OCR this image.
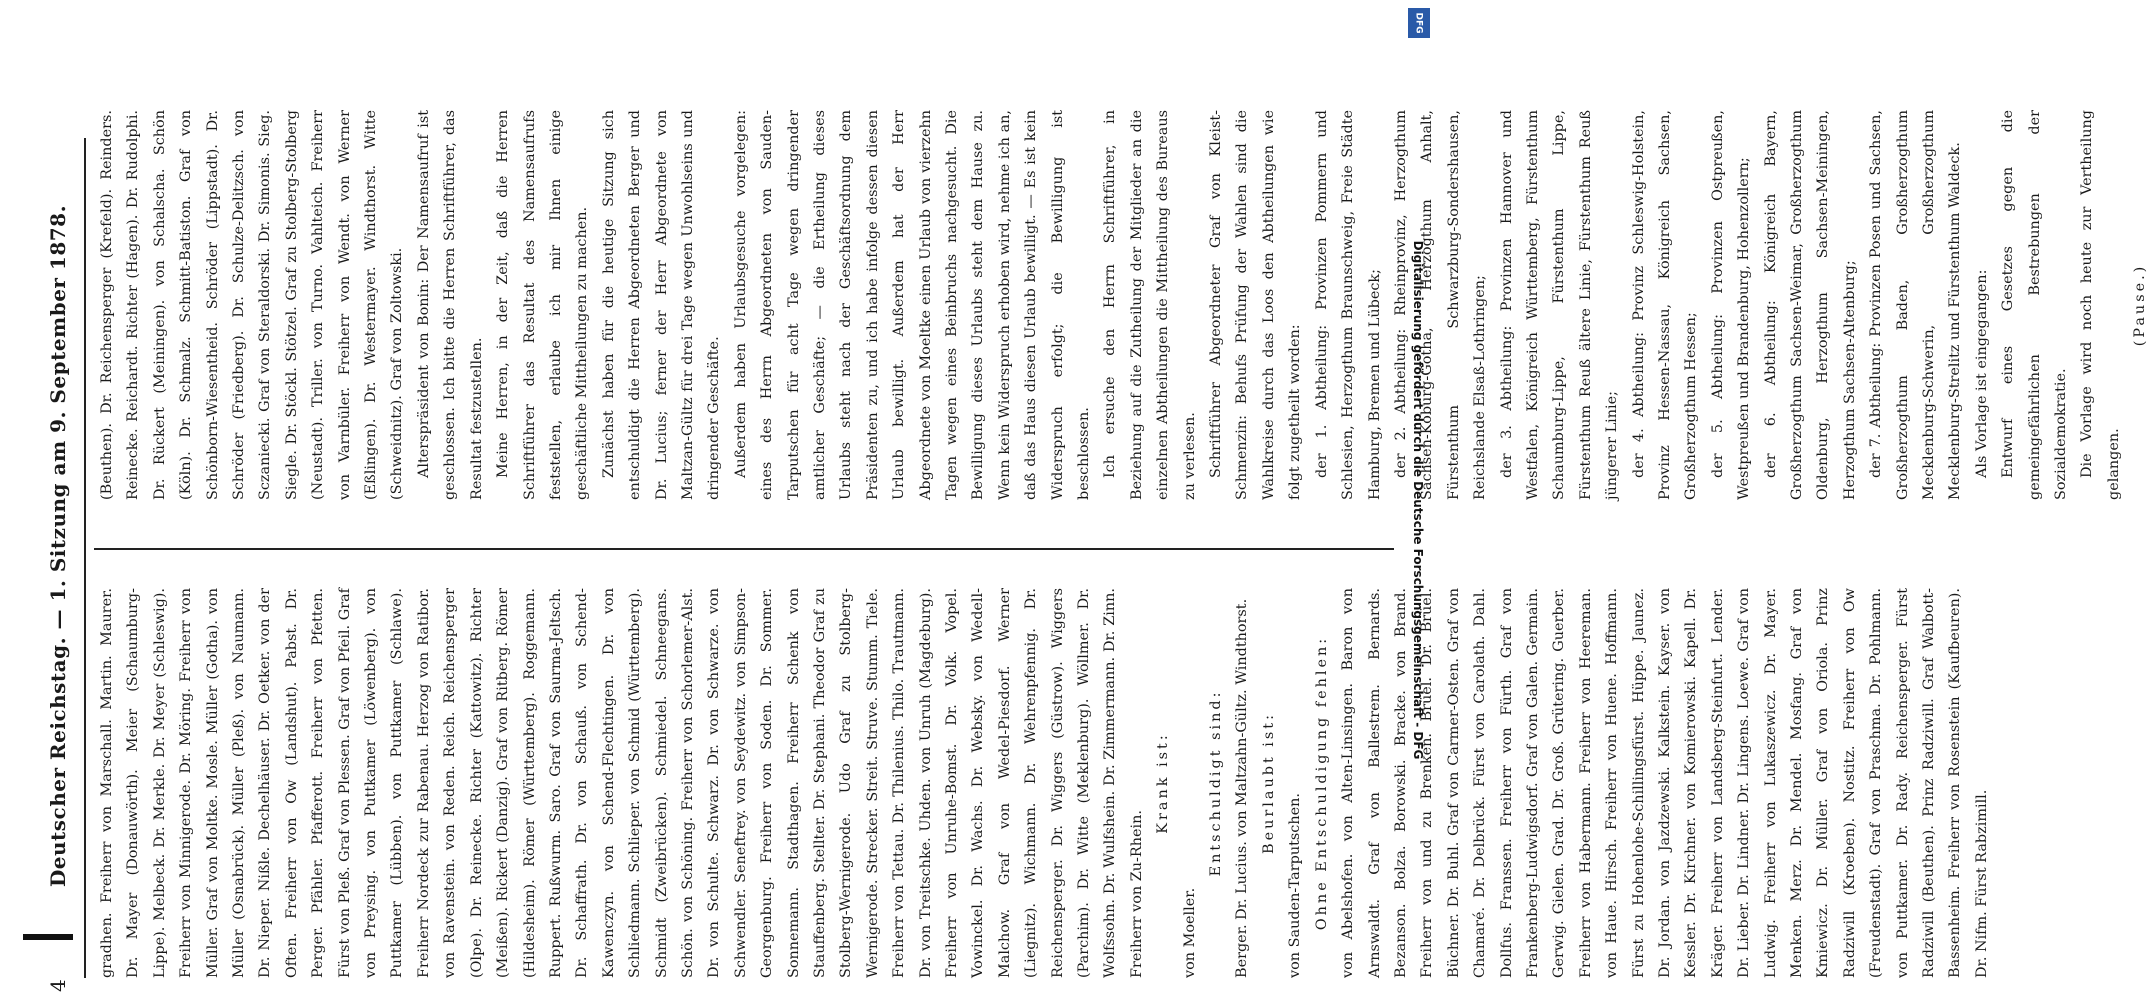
4
Deutscher Reichstag. — 1. Sitzung am 9. September 1878.	gradhen. Freiherr von Marschall. Martin. Maurer. Dr. Mayer (Donauwörth). Meier (Schaumburg-Lippe). Melbeck. Dr. Merkle. Dr. Meyer (Schleswig). Freiherr von Minnigerode. Dr. Möring. Freiherr von Müller. Graf von Moltke. Mosle. Müller (Gotha). von Müller (Osnabrück). Müller (Pleß). von Naumann. Dr. Nieper. Nißle. Dechelhäuser. Dr. Oetker. von der Often. Freiherr von Ow (Landshut). Pabst. Dr. Perger. Pfähler. Pfafferott. Freiherr von Pfetten. Fürst von Pleß. Graf von Plessen. Graf von Pfeil. Graf von Preysing. von Puttkamer (Löwenberg). von Puttkamer (Lübben). von Puttkamer (Schlawe). Freiherr Nordeck zur Rabenau. Herzog von Ratibor. von Ravenstein. von Reden. Reich. Reichensperger (Olpe). Dr. Reinecke. Richter (Kattowitz). Richter (Meißen). Rickert (Danzig). Graf von Ritberg. Römer (Hildesheim). Römer (Württemberg). Roggemann. Ruppert. Rußwurm. Saro. Graf von Saurma-Jeltsch. Dr. Schaffrath. Dr. von Schauß. von Schend-Kawenczyn. von Schend-Flechtingen. Dr. von Schliedmann. Schlieper. von Schmid (Württemberg). Schmidt (Zweibrücken). Schmiedel. Schneegans. Schön. von Schöning. Freiherr von Schorlemer-Alst. Dr. von Schulte. Schwarz. Dr. von Schwarze. von Schwendler. Seneftrey. von Seydewitz. von Simpson-Georgenburg. Freiherr von Soden. Dr. Sommer. Sonnemann. Stadthagen. Freiherr Schenk von Stauffenberg. Stellter. Dr. Stephani. Theodor Graf zu Stolberg-Wernigerode. Udo Graf zu Stolberg-Wernigerode. Strecker. Streit. Struve. Stumm. Tiele. Freiherr von Tettau. Dr. Thilenius. Thilo. Trautmann. Dr. von Treitschke. Uhden. von Unruh (Magdeburg). Freiherr von Unruhe-Bomst. Dr. Volk. Vopel. Vowinckel. Dr. Wachs. Dr. Websky. von Wedell-Malchow. Graf von Wedel-Piesdorf. Werner (Liegnitz). Wichmann. Dr. Wehrenpfennig. Dr. Reichensperger. Dr. Wiggers (Güstrow). Wiggers (Parchim). Dr. Witte (Meklenburg). Wöllmer. Dr. Wolfssohn. Dr. Wulfshein. Dr. Zimmermann. Dr. Zinn. Freiherr von Zu-Rhein.

Krank ist:

von Moeller.

Entschuldigt sind: Berger. Dr. Lucius. von Maltzahn-Gültz. Windthorst. Beurlaubt ist:

von Sauden-Tarputschen. Ohne Entschuldigung fehlen: von Abelshofen. von Alten-Linsingen. Baron von Arnswaldt. Graf von Ballestrem. Bernards. Bezanson. Bolza. Borowski. Bracke. von Brand. Freiherr von und zu Brenken. Brüel. Dr. Brüel. Büchner. Dr. Buhl. Graf von Carmer-Osten. Graf von Chamaré. Dr. Delbrück. Fürst von Carolath. Dahl. Dollfus. Franssen. Freiherr von Fürth. Graf von Frankenberg-Ludwigsdorf. Graf von Galen. Germain. Gerwig. Gielen. Grad. Dr. Groß. Grütering. Guerber. Freiherr von Habermann. Freiherr von Heereman. von Haue. Hirsch. Freiherr von Huene. Hoffmann. Fürst zu Hohenlohe-Schillingsfürst. Hüppe. Jaunez. Dr. Jordan. von Jazdzewski. Kalkstein. Kayser. von Kessler. Dr. Kirchner. von Komierowski. Kapell. Dr. Kräger. Freiherr von Landsberg-Steinfurt. Lender. Dr. Lieber. Dr. Lindner. Dr. Lingens. Loewe. Graf von Ludwig. Freiherr von Lukaszewicz. Dr. Mayer. Menken. Merz. Dr. Mendel. Mosfang. Graf von Kmiewicz. Dr. Müller. Graf von Oriola. Prinz Radziwill (Kroeben). Nostitz. Freiherr von Ow (Freudenstadt). Graf von Praschma. Dr. Pohlmann. von Puttkamer. Dr. Rady. Reichensperger. Fürst Radziwill (Beuthen). Prinz Radziwill. Graf Walbott-Bassenheim. Freiherr von Rosenstein (Kaufbeuren). Dr. Nifm. Fürst Rabzimill.

(Beuthen). Dr. Reichensperger (Krefeld). Reinders. Reinecke. Reichardt. Richter (Hagen). Dr. Rudolphi. Dr. Rückert (Meiningen). von Schalscha. Schön (Köln). Dr. Schmalz. Schmitt-Batiston. Graf von Schönborn-Wiesentheid. Schröder (Lippstadt). Dr. Schröder (Friedberg). Dr. Schulze-Delitzsch. von Sczaniecki. Graf von Steraldorski. Dr. Simonis. Sieg. Siegle. Dr. Stöckl. Stötzel. Graf zu Stolberg-Stolberg (Neustadt). Triller. von Turno. Vahlteich. Freiherr von Varnbüler. Freiherr von Wendt. von Werner (Eßlingen). Dr. Westermayer. Windthorst. Witte (Schweidnitz). Graf von Zoltowski. Alterspräsident von Bonin: Der Namensaufruf ist geschlossen. Ich bitte die Herren Schriftführer, das Resultat festzustellen. Meine Herren, in der Zeit, daß die Herren Schriftführer das Resultat des Namensaufrufs feststellen, erlaube ich mir Ihnen einige geschäftliche Mittheilungen zu machen. Zunächst haben für die heutige Sitzung sich entschuldigt die Herren Abgeordneten Berger und Dr. Lucius; ferner der Herr Abgeordnete von Maltzan-Gültz für drei Tage wegen Unwohlseins und dringender Geschäfte. Außerdem haben Urlaubsgesuche vorgelegen: eines des Herrn Abgeordneten von Sauden-Tarputschen für acht Tage wegen dringender amtlicher Geschäfte; — die Ertheilung dieses Urlaubs steht nach der Geschäftsordnung dem Präsidenten zu, und ich habe infolge dessen diesen Urlaub bewilligt. Außerdem hat der Herr Abgeordnete von Moeltke einen Urlaub von vierzehn Tagen wegen eines Beinbruchs nachgesucht. Die Bewilligung dieses Urlaubs steht dem Hause zu. Wenn kein Widerspruch erhoben wird, nehme ich an, daß das Haus diesen Urlaub bewilligt. — Es ist kein Widerspruch erfolgt; die Bewilligung ist beschlossen. Ich ersuche den Herrn Schriftführer, in Beziehung auf die Zutheilung der Mitglieder an die einzelnen Abtheilungen die Mittheilung des Bureaus zu verlesen. Schriftführer Abgeordneter Graf von Kleist-Schmenzin: Behufs Prüfung der Wahlen sind die Wahlkreise durch das Loos den Abtheilungen wie folgt zugetheilt worden: der 1. Abtheilung: Provinzen Pommern und Schlesien, Herzogthum Braunschweig, Freie Städte Hamburg, Bremen und Lübeck; der 2. Abtheilung: Rheinprovinz, Herzogthum Sachsen-Koburg-Gotha, Herzogthum Anhalt, Fürstenthum Schwarzburg-Sondershausen, Reichslande Elsaß-Lothringen; der 3. Abtheilung: Provinzen Hannover und Westfalen, Königreich Württemberg, Fürstenthum Schaumburg-Lippe, Fürstenthum Lippe, Fürstenthum Reuß ältere Linie, Fürstenthum Reuß jüngerer Linie; der 4. Abtheilung: Provinz Schleswig-Holstein, Provinz Hessen-Nassau, Königreich Sachsen, Großherzogthum Hessen; der 5. Abtheilung: Provinzen Ostpreußen, Westpreußen und Brandenburg, Hohenzollern; der 6. Abtheilung: Königreich Bayern, Großherzogthum Sachsen-Weimar, Großherzogthum Oldenburg, Herzogthum Sachsen-Meiningen, Herzogthum Sachsen-Altenburg; der 7. Abtheilung: Provinzen Posen und Sachsen, Großherzogthum Baden, Großherzogthum Mecklenburg-Schwerin, Großherzogthum Mecklenburg-Strelitz und Fürstenthum Waldeck. Als Vorlage ist eingegangen: Entwurf eines Gesetzes gegen die gemeingefährlichen Bestrebungen der Sozialdemokratie. Die Vorlage wird noch heute zur Vertheilung gelangen.

(Pause.)

Digitalisierung gefördert durch die Deutsche Forschungsgemeinschaft - DFG
DFG
